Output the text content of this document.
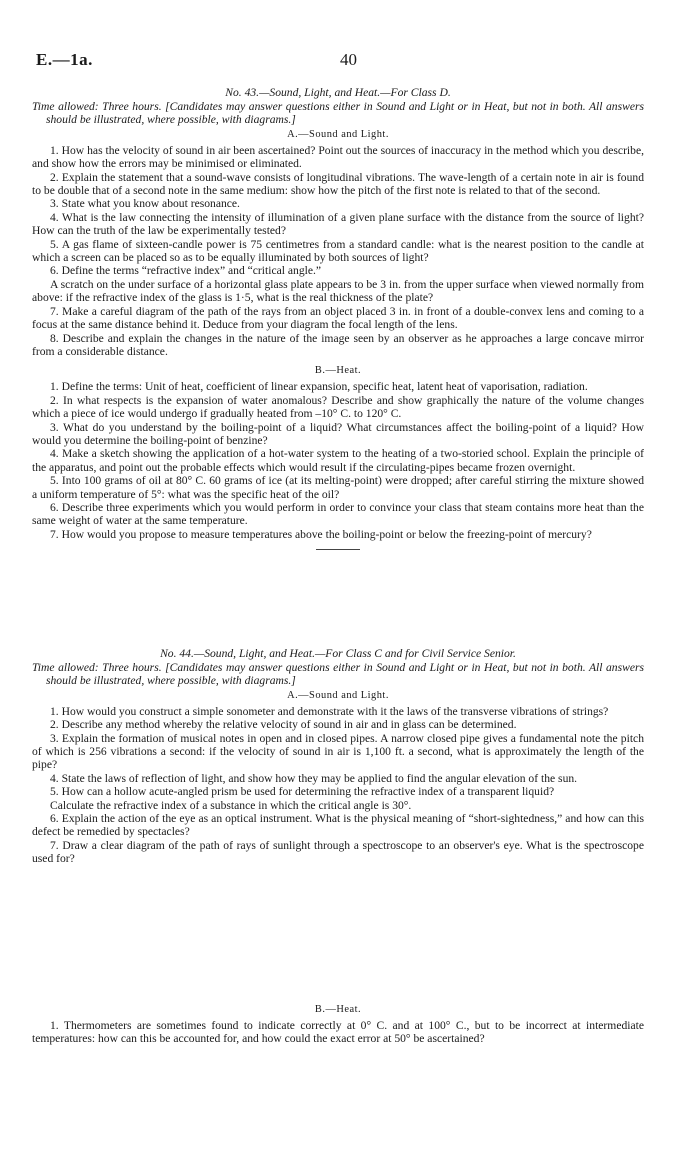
E.—1a.	40

No. 43.—Sound, Light, and Heat.—For Class D.

Time allowed: Three hours. [Candidates may answer questions either in Sound and Light or in Heat, but not in both. All answers should be illustrated, where possible, with diagrams.]

A.—Sound and Light.

1. How has the velocity of sound in air been ascertained? Point out the sources of inaccuracy in the method which you describe, and show how the errors may be minimised or eliminated.

2. Explain the statement that a sound-wave consists of longitudinal vibrations. The wave-length of a certain note in air is found to be double that of a second note in the same medium: show how the pitch of the first note is related to that of the second.

3. State what you know about resonance.

4. What is the law connecting the intensity of illumination of a given plane surface with the distance from the source of light? How can the truth of the law be experimentally tested?

5. A gas flame of sixteen-candle power is 75 centimetres from a standard candle: what is the nearest position to the candle at which a screen can be placed so as to be equally illuminated by both sources of light?

6. Define the terms “refractive index” and “critical angle.”

A scratch on the under surface of a horizontal glass plate appears to be 3 in. from the upper surface when viewed normally from above: if the refractive index of the glass is 1·5, what is the real thickness of the plate?

7. Make a careful diagram of the path of the rays from an object placed 3 in. in front of a double-convex lens and coming to a focus at the same distance behind it. Deduce from your diagram the focal length of the lens.

8. Describe and explain the changes in the nature of the image seen by an observer as he approaches a large concave mirror from a considerable distance.

B.—Heat.

1. Define the terms: Unit of heat, coefficient of linear expansion, specific heat, latent heat of vaporisation, radiation.

2. In what respects is the expansion of water anomalous? Describe and show graphically the nature of the volume changes which a piece of ice would undergo if gradually heated from –10° C. to 120° C.

3. What do you understand by the boiling-point of a liquid? What circumstances affect the boiling-point of a liquid? How would you determine the boiling-point of benzine?

4. Make a sketch showing the application of a hot-water system to the heating of a two-storied school. Explain the principle of the apparatus, and point out the probable effects which would result if the circulating-pipes became frozen overnight.

5. Into 100 grams of oil at 80° C. 60 grams of ice (at its melting-point) were dropped; after careful stirring the mixture showed a uniform temperature of 5°: what was the specific heat of the oil?

6. Describe three experiments which you would perform in order to convince your class that steam contains more heat than the same weight of water at the same temperature.

7. How would you propose to measure temperatures above the boiling-point or below the freezing-point of mercury?

No. 44.—Sound, Light, and Heat.—For Class C and for Civil Service Senior.

Time allowed: Three hours. [Candidates may answer questions either in Sound and Light or in Heat, but not in both. All answers should be illustrated, where possible, with diagrams.]

A.—Sound and Light.

1. How would you construct a simple sonometer and demonstrate with it the laws of the transverse vibrations of strings?

2. Describe any method whereby the relative velocity of sound in air and in glass can be determined.

3. Explain the formation of musical notes in open and in closed pipes. A narrow closed pipe gives a fundamental note the pitch of which is 256 vibrations a second: if the velocity of sound in air is 1,100 ft. a second, what is approximately the length of the pipe?

4. State the laws of reflection of light, and show how they may be applied to find the angular elevation of the sun.

5. How can a hollow acute-angled prism be used for determining the refractive index of a transparent liquid?

Calculate the refractive index of a substance in which the critical angle is 30°.

6. Explain the action of the eye as an optical instrument. What is the physical meaning of “short-sightedness,” and how can this defect be remedied by spectacles?

7. Draw a clear diagram of the path of rays of sunlight through a spectroscope to an observer's eye. What is the spectroscope used for?

B.—Heat.

1. Thermometers are sometimes found to indicate correctly at 0° C. and at 100° C., but to be incorrect at intermediate temperatures: how can this be accounted for, and how could the exact error at 50° be ascertained?
